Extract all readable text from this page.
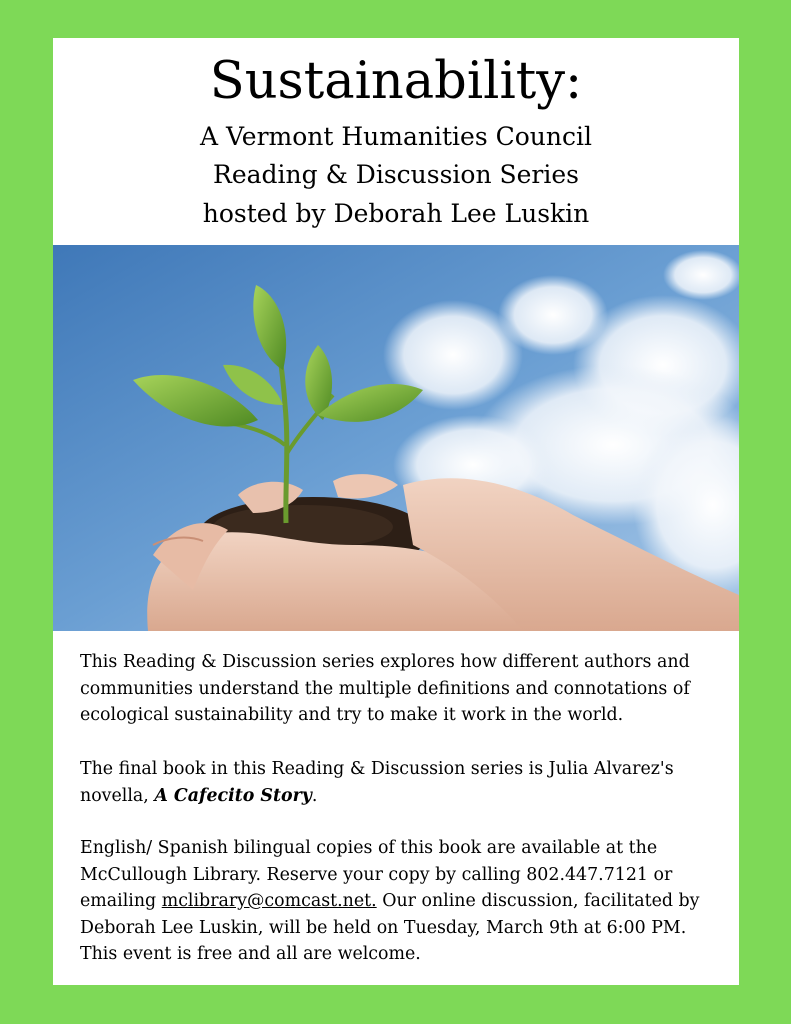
Sustainability:
A Vermont Humanities Council
Reading & Discussion Series
hosted by Deborah Lee Luskin

This Reading & Discussion series explores how different authors and
communities understand the multiple definitions and connotations of
ecological sustainability and try to make it work in the world.

The final book in this Reading & Discussion series is Julia Alvarez's
novella, A Cafecito Story.

English/ Spanish bilingual copies of this book are available at the
McCullough Library. Reserve your copy by calling 802.447.7121 or
emailing mclibrary@comcast.net. Our online discussion, facilitated by
Deborah Lee Luskin, will be held on Tuesday, March 9th at 6:00 PM.
This event is free and all are welcome.
